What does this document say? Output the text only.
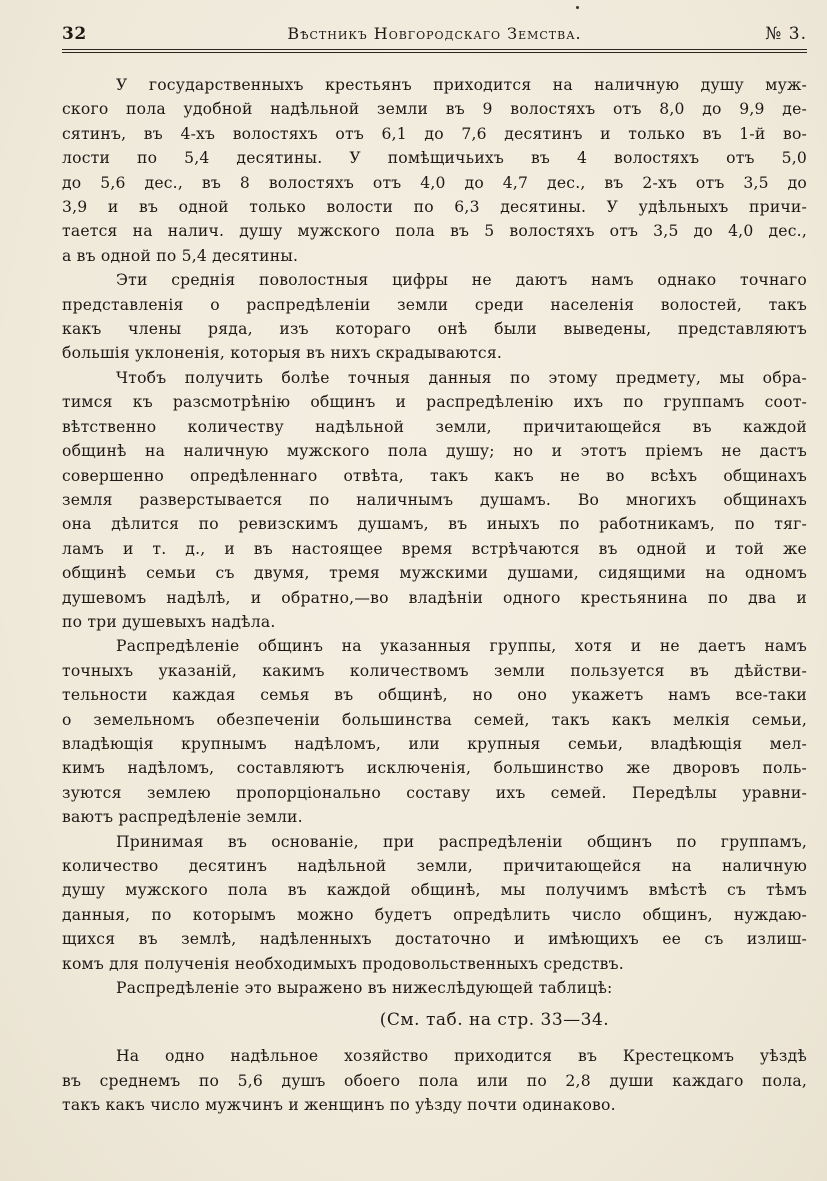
32	Вѣстникъ Новгородскаго Земства.	№ 3.

У государственныхъ крестьянъ приходится на наличную душу муж-
ского пола удобной надѣльной земли въ 9 волостяхъ отъ 8,0 до 9,9 де-
сятинъ, въ 4-хъ волостяхъ отъ 6,1 до 7,6 десятинъ и только въ 1-й во-
лости по 5,4 десятины. У помѣщичьихъ въ 4 волостяхъ отъ 5,0
до 5,6 дес., въ 8 волостяхъ отъ 4,0 до 4,7 дес., въ 2-хъ отъ 3,5 до
3,9 и въ одной только волости по 6,3 десятины. У удѣльныхъ причи-
тается на налич. душу мужского пола въ 5 волостяхъ отъ 3,5 до 4,0 дес.,
а въ одной по 5,4 десятины.

Эти среднія поволостныя цифры не даютъ намъ однако точнаго
представленія о распредѣленіи земли среди населенія волостей, такъ
какъ члены ряда, изъ котораго онѣ были выведены, представляютъ
большія уклоненія, которыя въ нихъ скрадываются.

Чтобъ получить болѣе точныя данныя по этому предмету, мы обра-
тимся къ разсмотрѣнію общинъ и распредѣленію ихъ по группамъ соот-
вѣтственно количеству надѣльной земли, причитающейся въ каждой
общинѣ на наличную мужского пола душу; но и этотъ пріемъ не дастъ
совершенно опредѣленнаго отвѣта, такъ какъ не во всѣхъ общинахъ
земля разверстывается по наличнымъ душамъ. Во многихъ общинахъ
она дѣлится по ревизскимъ душамъ, въ иныхъ по работникамъ, по тяг-
ламъ и т. д., и въ настоящее время встрѣчаются въ одной и той же
общинѣ семьи съ двумя, тремя мужскими душами, сидящими на одномъ
душевомъ надѣлѣ, и обратно,—во владѣніи одного крестьянина по два и
по три душевыхъ надѣла.

Распредѣленіе общинъ на указанныя группы, хотя и не даетъ намъ
точныхъ указаній, какимъ количествомъ земли пользуется въ дѣйстви-
тельности каждая семья въ общинѣ, но оно укажетъ намъ все-таки
о земельномъ обезпеченіи большинства семей, такъ какъ мелкія семьи,
владѣющія крупнымъ надѣломъ, или крупныя семьи, владѣющія мел-
кимъ надѣломъ, составляютъ исключенія, большинство же дворовъ поль-
зуются землею пропорціонально составу ихъ семей. Передѣлы уравни-
ваютъ распредѣленіе земли.

Принимая въ основаніе, при распредѣленіи общинъ по группамъ,
количество десятинъ надѣльной земли, причитающейся на наличную
душу мужского пола въ каждой общинѣ, мы получимъ вмѣстѣ съ тѣмъ
данныя, по которымъ можно будетъ опредѣлить число общинъ, нуждаю-
щихся въ землѣ, надѣленныхъ достаточно и имѣющихъ ее съ излиш-
комъ для полученія необходимыхъ продовольственныхъ средствъ.

Распредѣленіе это выражено въ нижеслѣдующей таблицѣ:

(См. таб. на стр. 33—34.

На одно надѣльное хозяйство приходится въ Крестецкомъ уѣздѣ
въ среднемъ по 5,6 душъ обоего пола или по 2,8 души каждаго пола,
такъ какъ число мужчинъ и женщинъ по уѣзду почти одинаково.
